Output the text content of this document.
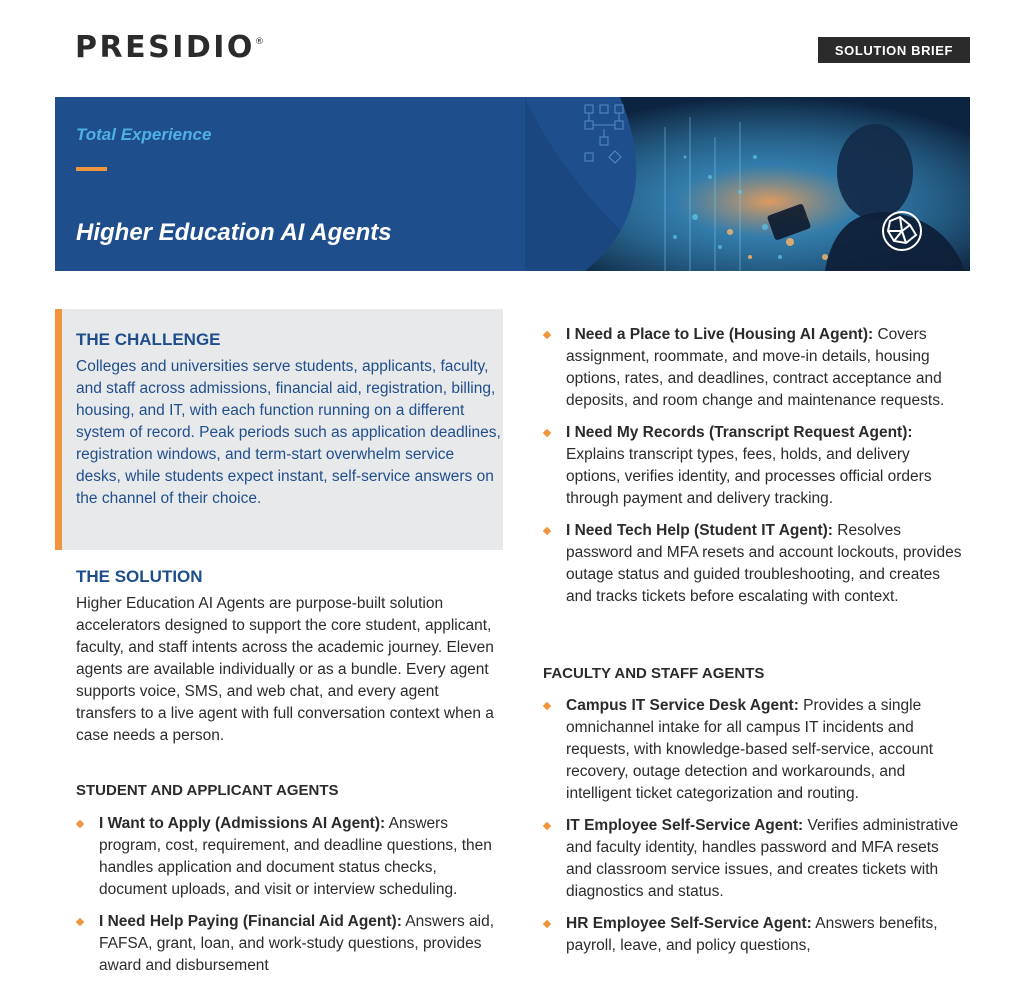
PRESIDIO®
SOLUTION BRIEF
Total Experience
Higher Education AI Agents
THE CHALLENGE

Colleges and universities serve students, applicants, faculty, and staff across admissions, financial aid, registration, billing, housing, and IT, with each function running on a different system of record. Peak periods such as application deadlines, registration windows, and term-start overwhelm service desks, while students expect instant, self-service answers on the channel of their choice.

THE SOLUTION

Higher Education AI Agents are purpose-built solution accelerators designed to support the core student, applicant, faculty, and staff intents across the academic journey. Eleven agents are available individually or as a bundle. Every agent supports voice, SMS, and web chat, and every agent transfers to a live agent with full conversation context when a case needs a person.

STUDENT AND APPLICANT AGENTS
I Want to Apply (Admissions AI Agent): Answers program, cost, requirement, and deadline questions, then handles application and document status checks, document uploads, and visit or interview scheduling.
I Need Help Paying (Financial Aid Agent): Answers aid, FAFSA, grant, loan, and work-study questions, provides award and disbursement
I Need a Place to Live (Housing AI Agent): Covers assignment, roommate, and move-in details, housing options, rates, and deadlines, contract acceptance and deposits, and room change and maintenance requests.
I Need My Records (Transcript Request Agent): Explains transcript types, fees, holds, and delivery options, verifies identity, and processes official orders through payment and delivery tracking.
I Need Tech Help (Student IT Agent): Resolves password and MFA resets and account lockouts, provides outage status and guided troubleshooting, and creates and tracks tickets before escalating with context.
FACULTY AND STAFF AGENTS
Campus IT Service Desk Agent: Provides a single omnichannel intake for all campus IT incidents and requests, with knowledge-based self-service, account recovery, outage detection and workarounds, and intelligent ticket categorization and routing.
IT Employee Self-Service Agent: Verifies administrative and faculty identity, handles password and MFA resets and classroom service issues, and creates tickets with diagnostics and status.
HR Employee Self-Service Agent: Answers benefits, payroll, leave, and policy questions,
